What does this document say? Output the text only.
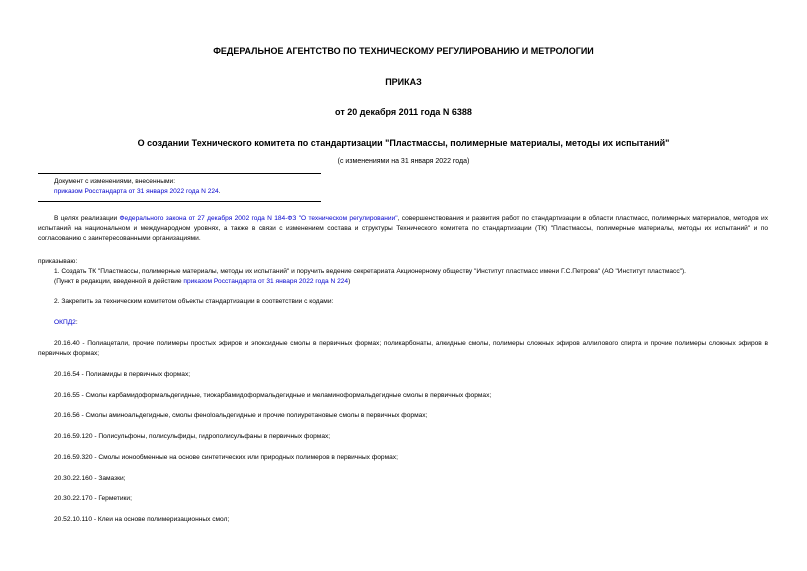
ФЕДЕРАЛЬНОЕ АГЕНТСТВО ПО ТЕХНИЧЕСКОМУ РЕГУЛИРОВАНИЮ И МЕТРОЛОГИИ
ПРИКАЗ
от 20 декабря 2011 года N 6388
О создании Технического комитета по стандартизации "Пластмассы, полимерные материалы, методы их испытаний"
(с изменениями на 31 января 2022 года)
Документ с изменениями, внесенными:
приказом Росстандарта от 31 января 2022 года N 224.
В целях реализации Федерального закона от 27 декабря 2002 года N 184-ФЗ "О техническом регулировании", совершенствования и развития работ по стандартизации в области пластмасс, полимерных материалов, методов их испытаний на национальном и международном уровнях, а также в связи с изменением состава и структуры Технического комитета по стандартизации (ТК) "Пластмассы, полимерные материалы, методы их испытаний" и по согласованию с заинтересованными организациями.
приказываю:
1. Создать ТК "Пластмассы, полимерные материалы, методы их испытаний" и поручить ведение секретариата Акционерному обществу "Институт пластмасс имени Г.С.Петрова" (АО "Институт пластмасс").
(Пункт в редакции, введенной в действие приказом Росстандарта от 31 января 2022 года N 224)
2. Закрепить за техническим комитетом объекты стандартизации в соответствии с кодами:
ОКПД2:
20.16.40 - Полиацетали, прочие полимеры простых эфиров и эпоксидные смолы в первичных формах; поликарбонаты, алкидные смолы, полимеры сложных эфиров аллилового спирта и прочие полимеры сложных эфиров в первичных формах;
20.16.54 - Полиамиды в первичных формах;
20.16.55 - Смолы карбамидоформальдегидные, тиокарбамидоформальдегидные и меламиноформальдегидные смолы в первичных формах;
20.16.56 - Смолы аминоальдегидные, смолы феноloальдегидные и прочие полиуретановые смолы в первичных формах;
20.16.59.120 - Полисульфоны, полисульфиды, гидрополисульфаны в первичных формах;
20.16.59.320 - Смолы ионообменные на основе синтетических или природных полимеров в первичных формах;
20.30.22.160 - Замазки;
20.30.22.170 - Герметики;
20.52.10.110 - Клеи на основе полимеризационных смол;
